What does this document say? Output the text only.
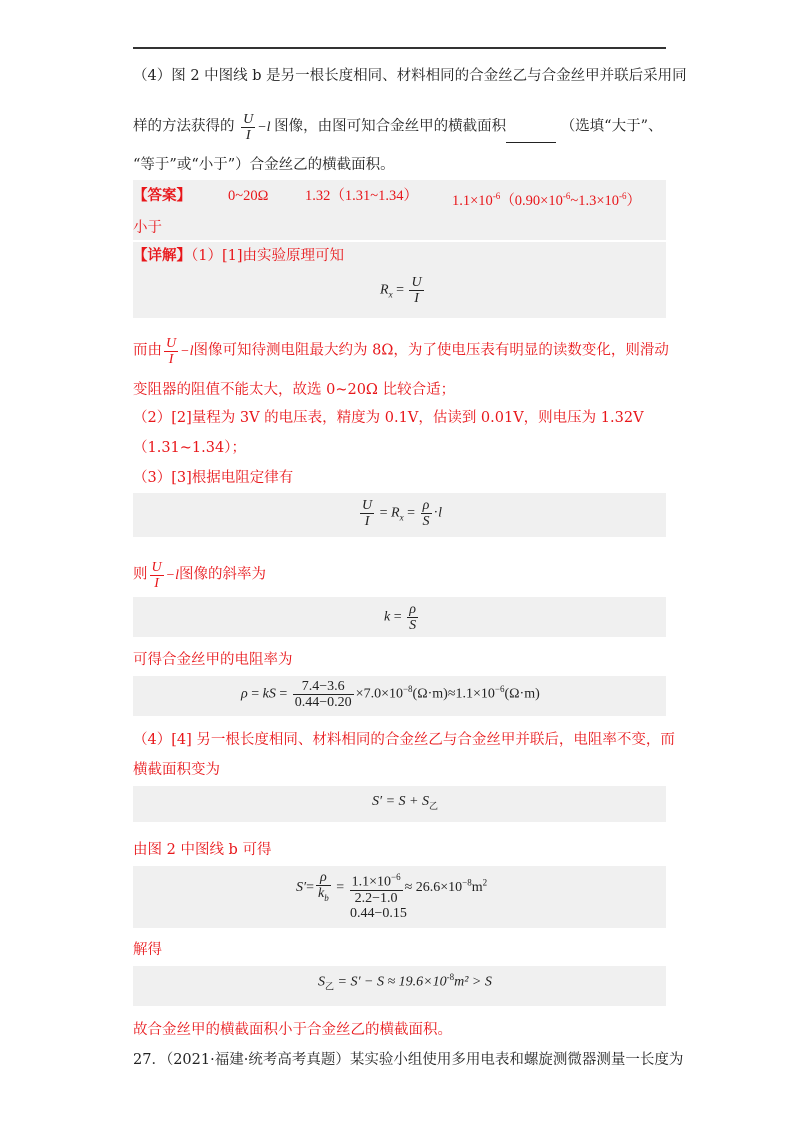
（4）图 2 中图线 b 是另一根长度相同、材料相同的合金丝乙与合金丝甲并联后采用同
样的方法获得的 $\frac{U}{I} -l$ 图像，由图可知合金丝甲的横截面积	（选填“大于”、
“等于”或“小于”）合金丝乙的横截面积。
【答案】	0~20Ω	1.32（1.31~1.34） $1.1\times 10^{-6}(0.90\times 10^{-6}\sim 1.3\times 10^{-6})$
小于
【详解】（1）[1]由实验原理可知
$R_x = \frac{U}{I}$
而由 $\frac{U}{I} -l$图像可知待测电阻最大约为 8Ω，为了使电压表有明显的读数变化，则滑动
变阻器的阻值不能太大，故选 0~20Ω 比较合适；
（2）[2]量程为 3V 的电压表，精度为 0.1V，估读到 0.01V，则电压为 1.32V
（1.31~1.34）；
（3）[3]根据电阻定律有
$\frac{U}{I} = R_x = \frac{\rho}{S} \cdot l$
则 $\frac{U}{I} -l$图像的斜率为
$k = \frac{\rho}{S}$
可得合金丝甲的电阻率为
ρ = kS = $\frac{7.4-3.6}{0.44-0.20} \times 7.0\times 10^{-8}(\Omega\cdot m)\approx 1.1\times 10^{-6}(\Omega\cdot m)$
（4）[4] 另一根长度相同、材料相同的合金丝乙与合金丝甲并联后，电阻率不变，而
横截面积变为
$S' = S + S_乙$
由图 2 中图线 b 可得
$S'= \frac{\rho}{k_b} = \frac{1.1\times 10^{-6}}{2.2-1.0} \approx 26.6\times 10^{-8}m^2$
0.44−0.15
解得
$S_乙 = S' - S \approx 19.6\times 10^{-8}m^2 > S$
故合金丝甲的横截面积小于合金丝乙的横截面积。
27．（2021·福建·统考高考真题）某实验小组使用多用电表和螺旋测微器测量一长度为
